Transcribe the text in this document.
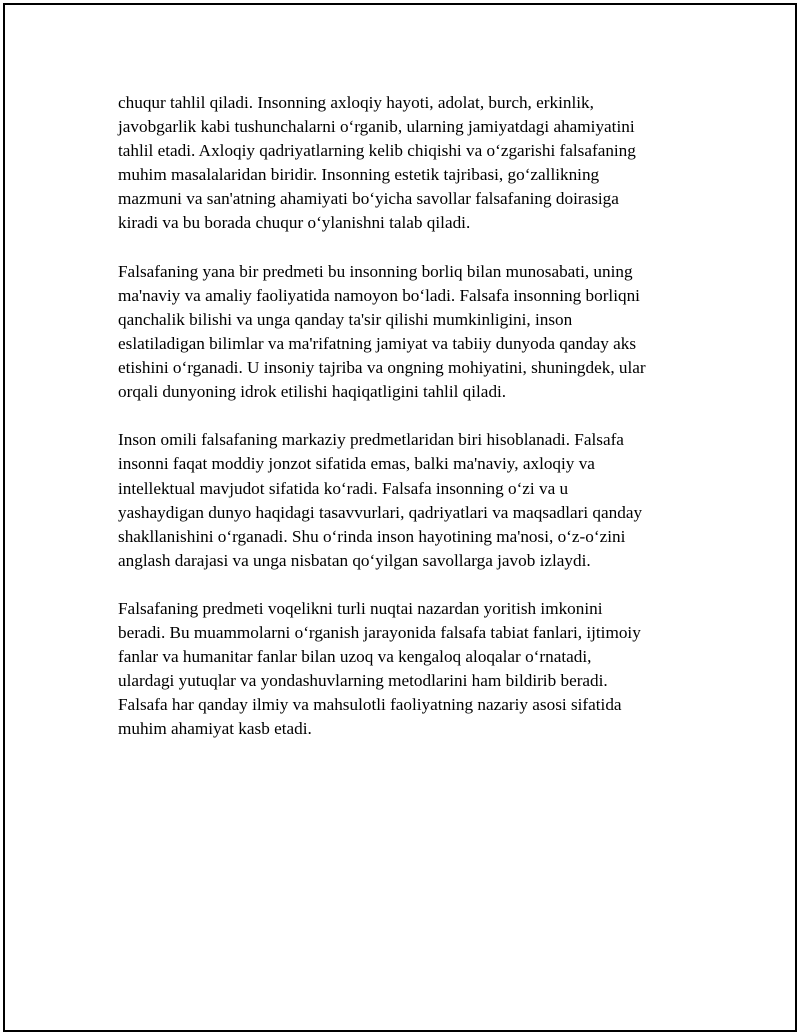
chuqur tahlil qiladi. Insonning axloqiy hayoti, adolat, burch, erkinlik,
javobgarlik kabi tushunchalarni o‘rganib, ularning jamiyatdagi ahamiyatini
tahlil etadi. Axloqiy qadriyatlarning kelib chiqishi va o‘zgarishi falsafaning
muhim masalalaridan biridir. Insonning estetik tajribasi, go‘zallikning
mazmuni va san'atning ahamiyati bo‘yicha savollar falsafaning doirasiga
kiradi va bu borada chuqur o‘ylanishni talab qiladi.

Falsafaning yana bir predmeti bu insonning borliq bilan munosabati, uning
ma'naviy va amaliy faoliyatida namoyon bo‘ladi. Falsafa insonning borliqni
qanchalik bilishi va unga qanday ta'sir qilishi mumkinligini, inson
eslatiladigan bilimlar va ma'rifatning jamiyat va tabiiy dunyoda qanday aks
etishini o‘rganadi. U insoniy tajriba va ongning mohiyatini, shuningdek, ular
orqali dunyoning idrok etilishi haqiqatligini tahlil qiladi.

Inson omili falsafaning markaziy predmetlaridan biri hisoblanadi. Falsafa
insonni faqat moddiy jonzot sifatida emas, balki ma'naviy, axloqiy va
intellektual mavjudot sifatida ko‘radi. Falsafa insonning o‘zi va u
yashaydigan dunyo haqidagi tasavvurlari, qadriyatlari va maqsadlari qanday
shakllanishini o‘rganadi. Shu o‘rinda inson hayotining ma'nosi, o‘z-o‘zini
anglash darajasi va unga nisbatan qo‘yilgan savollarga javob izlaydi.

Falsafaning predmeti voqelikni turli nuqtai nazardan yoritish imkonini
beradi. Bu muammolarni o‘rganish jarayonida falsafa tabiat fanlari, ijtimoiy
fanlar va humanitar fanlar bilan uzoq va kengaloq aloqalar o‘rnatadi,
ulardagi yutuqlar va yondashuvlarning metodlarini ham bildirib beradi.
Falsafa har qanday ilmiy va mahsulotli faoliyatning nazariy asosi sifatida
muhim ahamiyat kasb etadi.
